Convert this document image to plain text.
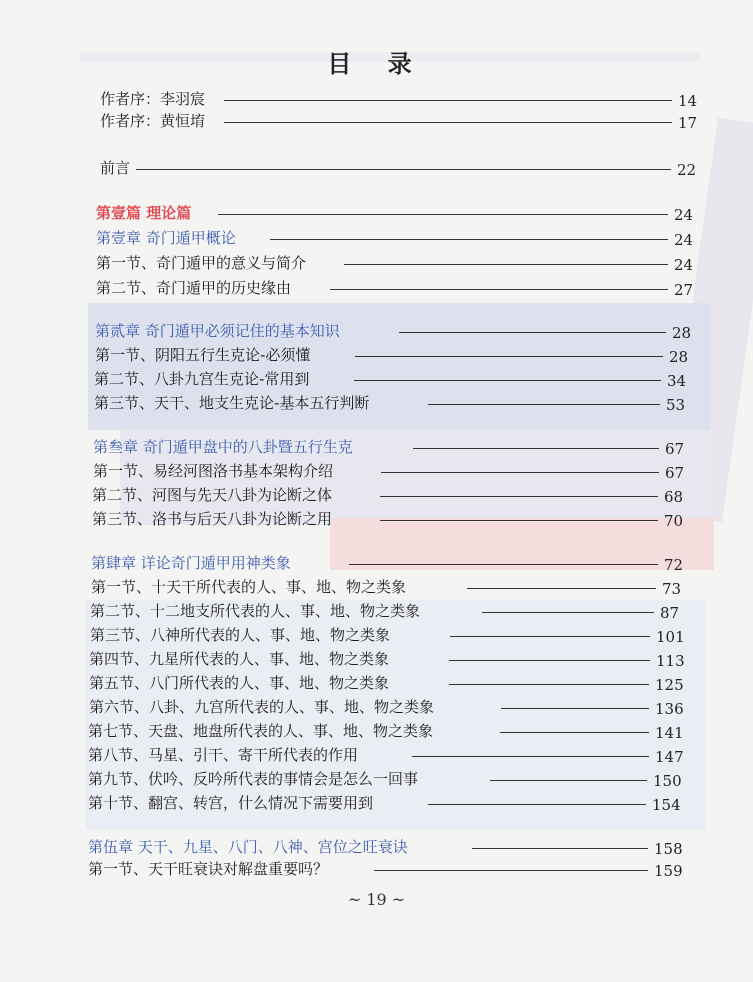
目 录
作者序：李羽宸	14
作者序：黄恒堉	17
前言	22
第壹篇 理论篇	24
第壹章 奇门遁甲概论	24
第一节、奇门遁甲的意义与简介	24
第二节、奇门遁甲的历史缘由	27
第贰章 奇门遁甲必须记住的基本知识	28
第一节、阴阳五行生克论-必须懂	28
第二节、八卦九宫生克论-常用到	34
第三节、天干、地支生克论-基本五行判断	53
第叁章 奇门遁甲盘中的八卦暨五行生克	67
第一节、易经河图洛书基本架构介绍	67
第二节、河图与先天八卦为论断之体	68
第三节、洛书与后天八卦为论断之用	70
第肆章 详论奇门遁甲用神类象	72
第一节、十天干所代表的人、事、地、物之类象	73
第二节、十二地支所代表的人、事、地、物之类象	87
第三节、八神所代表的人、事、地、物之类象	101
第四节、九星所代表的人、事、地、物之类象	113
第五节、八门所代表的人、事、地、物之类象	125
第六节、八卦、九宫所代表的人、事、地、物之类象	136
第七节、天盘、地盘所代表的人、事、地、物之类象	141
第八节、马星、引干、寄干所代表的作用	147
第九节、伏吟、反吟所代表的事情会是怎么一回事	150
第十节、翻宫、转宫，什么情况下需要用到	154
第伍章 天干、九星、八门、八神、宫位之旺衰诀	158
第一节、天干旺衰诀对解盘重要吗？	159
~ 19 ~
